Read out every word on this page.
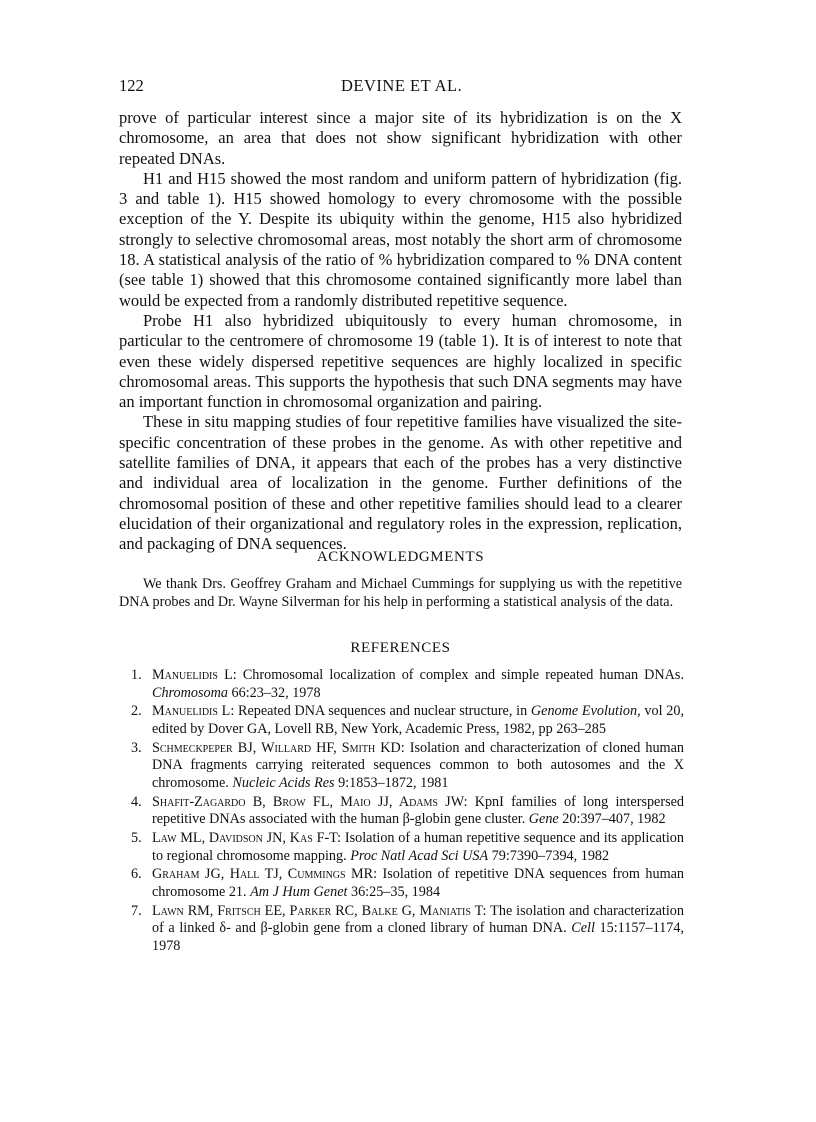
122	DEVINE ET AL.

prove of particular interest since a major site of its hybridization is on the X chromosome, an area that does not show significant hybridization with other repeated DNAs.

H1 and H15 showed the most random and uniform pattern of hybridization (fig. 3 and table 1). H15 showed homology to every chromosome with the possible exception of the Y. Despite its ubiquity within the genome, H15 also hybridized strongly to selective chromosomal areas, most notably the short arm of chromosome 18. A statistical analysis of the ratio of % hybridization compared to % DNA content (see table 1) showed that this chromosome contained significantly more label than would be expected from a randomly distributed repetitive sequence.

Probe H1 also hybridized ubiquitously to every human chromosome, in particular to the centromere of chromosome 19 (table 1). It is of interest to note that even these widely dispersed repetitive sequences are highly localized in specific chromosomal areas. This supports the hypothesis that such DNA segments may have an important function in chromosomal organization and pairing.

These in situ mapping studies of four repetitive families have visualized the site-specific concentration of these probes in the genome. As with other repetitive and satellite families of DNA, it appears that each of the probes has a very distinctive and individual area of localization in the genome. Further definitions of the chromosomal position of these and other repetitive families should lead to a clearer elucidation of their organizational and regulatory roles in the expression, replication, and packaging of DNA sequences.

ACKNOWLEDGMENTS
We thank Drs. Geoffrey Graham and Michael Cummings for supplying us with the repetitive DNA probes and Dr. Wayne Silverman for his help in performing a statistical analysis of the data.
REFERENCES
1. Manuelidis L: Chromosomal localization of complex and simple repeated human DNAs. Chromosoma 66:23–32, 1978
2. Manuelidis L: Repeated DNA sequences and nuclear structure, in Genome Evolution, vol 20, edited by Dover GA, Lovell RB, New York, Academic Press, 1982, pp 263–285
3. Schmeckpeper BJ, Willard HF, Smith KD: Isolation and characterization of cloned human DNA fragments carrying reiterated sequences common to both autosomes and the X chromosome. Nucleic Acids Res 9:1853–1872, 1981
4. Shafit-Zagardo B, Brow FL, Maio JJ, Adams JW: KpnI families of long interspersed repetitive DNAs associated with the human β-globin gene cluster. Gene 20:397–407, 1982
5. Law ML, Davidson JN, Kas F-T: Isolation of a human repetitive sequence and its application to regional chromosome mapping. Proc Natl Acad Sci USA 79:7390–7394, 1982
6. Graham JG, Hall TJ, Cummings MR: Isolation of repetitive DNA sequences from human chromosome 21. Am J Hum Genet 36:25–35, 1984
7. Lawn RM, Fritsch EE, Parker RC, Balke G, Maniatis T: The isolation and characterization of a linked δ- and β-globin gene from a cloned library of human DNA. Cell 15:1157–1174, 1978
